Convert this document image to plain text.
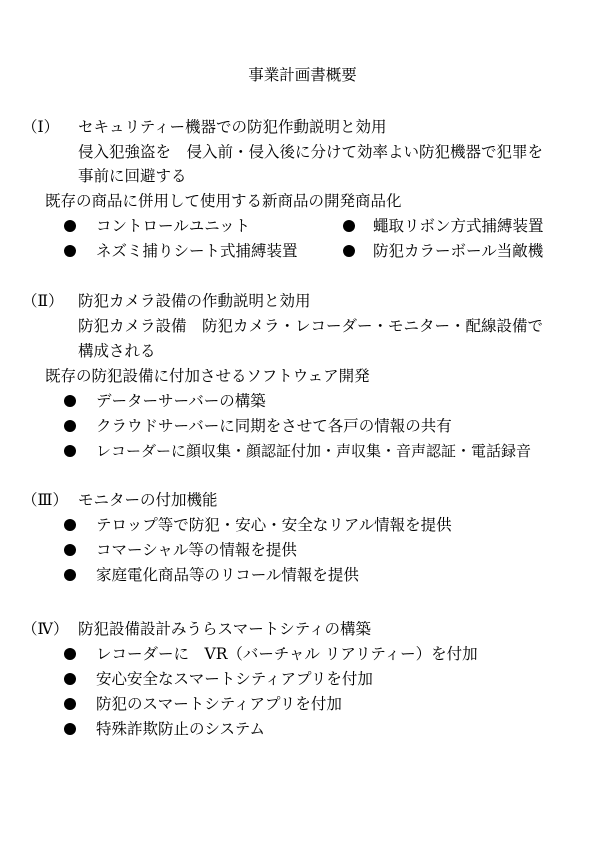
事業計画書概要
（Ⅰ） セキュリティー機器での防犯作動説明と効用
侵入犯強盗を　侵入前・侵入後に分けて効率よい防犯機器で犯罪を
事前に回避する
既存の商品に併用して使用する新商品の開発商品化
コントロールユニット	蠅取リボン方式捕縛装置
ネズミ捕りシート式捕縛装置	防犯カラーボール当敵機
（Ⅱ） 防犯カメラ設備の作動説明と効用
防犯カメラ設備　防犯カメラ・レコーダー・モニター・配線設備で
構成される
既存の防犯設備に付加させるソフトウェア開発
データーサーバーの構築
クラウドサーバーに同期をさせて各戸の情報の共有
レコーダーに顔収集・顔認証付加・声収集・音声認証・電話録音
（Ⅲ） モニターの付加機能
テロップ等で防犯・安心・安全なリアル情報を提供
コマーシャル等の情報を提供
家庭電化商品等のリコール情報を提供
（Ⅳ） 防犯設備設計みうらスマートシティの構築
レコーダーに　VR（バーチャル リアリティー）を付加
安心安全なスマートシティアプリを付加
防犯のスマートシティアプリを付加
特殊詐欺防止のシステム
